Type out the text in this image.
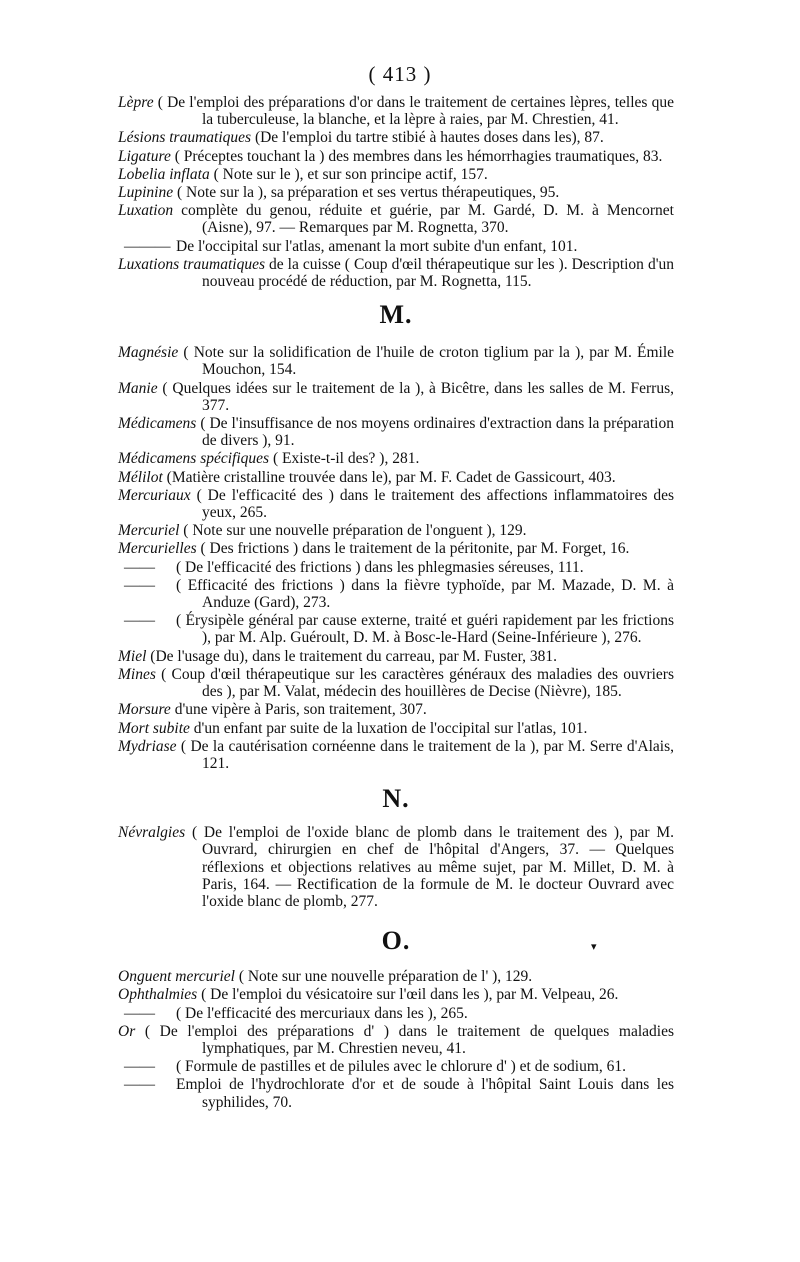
( 413 )

Lèpre ( De l'emploi des préparations d'or dans le traitement de certaines lèpres, telles que la tuberculeuse, la blanche, et la lèpre à raies, par M. Chrestien, 41.

Lésions traumatiques (De l'emploi du tartre stibié à hautes doses dans les), 87.

Ligature ( Préceptes touchant la ) des membres dans les hémorrhagies traumatiques, 83.

Lobelia inflata ( Note sur le ), et sur son principe actif, 157.

Lupinine ( Note sur la ), sa préparation et ses vertus thérapeutiques, 95.

Luxation complète du genou, réduite et guérie, par M. Gardé, D. M. à Mencornet (Aisne), 97. — Remarques par M. Rognetta, 370.

——— De l'occipital sur l'atlas, amenant la mort subite d'un enfant, 101.

Luxations traumatiques de la cuisse ( Coup d'œil thérapeutique sur les ). Description d'un nouveau procédé de réduction, par M. Rognetta, 115.

M.

Magnésie ( Note sur la solidification de l'huile de croton tiglium par la ), par M. Émile Mouchon, 154.

Manie ( Quelques idées sur le traitement de la ), à Bicêtre, dans les salles de M. Ferrus, 377.

Médicamens ( De l'insuffisance de nos moyens ordinaires d'extraction dans la préparation de divers ), 91.

Médicamens spécifiques ( Existe-t-il des? ), 281.

Mélilot (Matière cristalline trouvée dans le), par M. F. Cadet de Gassicourt, 403.

Mercuriaux ( De l'efficacité des ) dans le traitement des affections inflammatoires des yeux, 265.

Mercuriel ( Note sur une nouvelle préparation de l'onguent ), 129.

Mercurielles ( Des frictions ) dans le traitement de la péritonite, par M. Forget, 16.

—— ( De l'efficacité des frictions ) dans les phlegmasies séreuses, 111.

—— ( Efficacité des frictions ) dans la fièvre typhoïde, par M. Mazade, D. M. à Anduze (Gard), 273.

—— ( Érysipèle général par cause externe, traité et guéri rapidement par les frictions ), par M. Alp. Guéroult, D. M. à Bosc-le-Hard (Seine-Inférieure ), 276.

Miel (De l'usage du), dans le traitement du carreau, par M. Fuster, 381.

Mines ( Coup d'œil thérapeutique sur les caractères généraux des maladies des ouvriers des ), par M. Valat, médecin des houillères de Decise (Nièvre), 185.

Morsure d'une vipère à Paris, son traitement, 307.

Mort subite d'un enfant par suite de la luxation de l'occipital sur l'atlas, 101.

Mydriase ( De la cautérisation cornéenne dans le traitement de la ), par M. Serre d'Alais, 121.

N.

Névralgies ( De l'emploi de l'oxide blanc de plomb dans le traitement des ), par M. Ouvrard, chirurgien en chef de l'hôpital d'Angers, 37. — Quelques réflexions et objections relatives au même sujet, par M. Millet, D. M. à Paris, 164. — Rectification de la formule de M. le docteur Ouvrard avec l'oxide blanc de plomb, 277.

O.

Onguent mercuriel ( Note sur une nouvelle préparation de l' ), 129.

Ophthalmies ( De l'emploi du vésicatoire sur l'œil dans les ), par M. Velpeau, 26.

—— ( De l'efficacité des mercuriaux dans les ), 265.

Or ( De l'emploi des préparations d' ) dans le traitement de quelques maladies lymphatiques, par M. Chrestien neveu, 41.

—— ( Formule de pastilles et de pilules avec le chlorure d' ) et de sodium, 61.

—— Emploi de l'hydrochlorate d'or et de soude à l'hôpital Saint Louis dans les syphilides, 70.

▾
